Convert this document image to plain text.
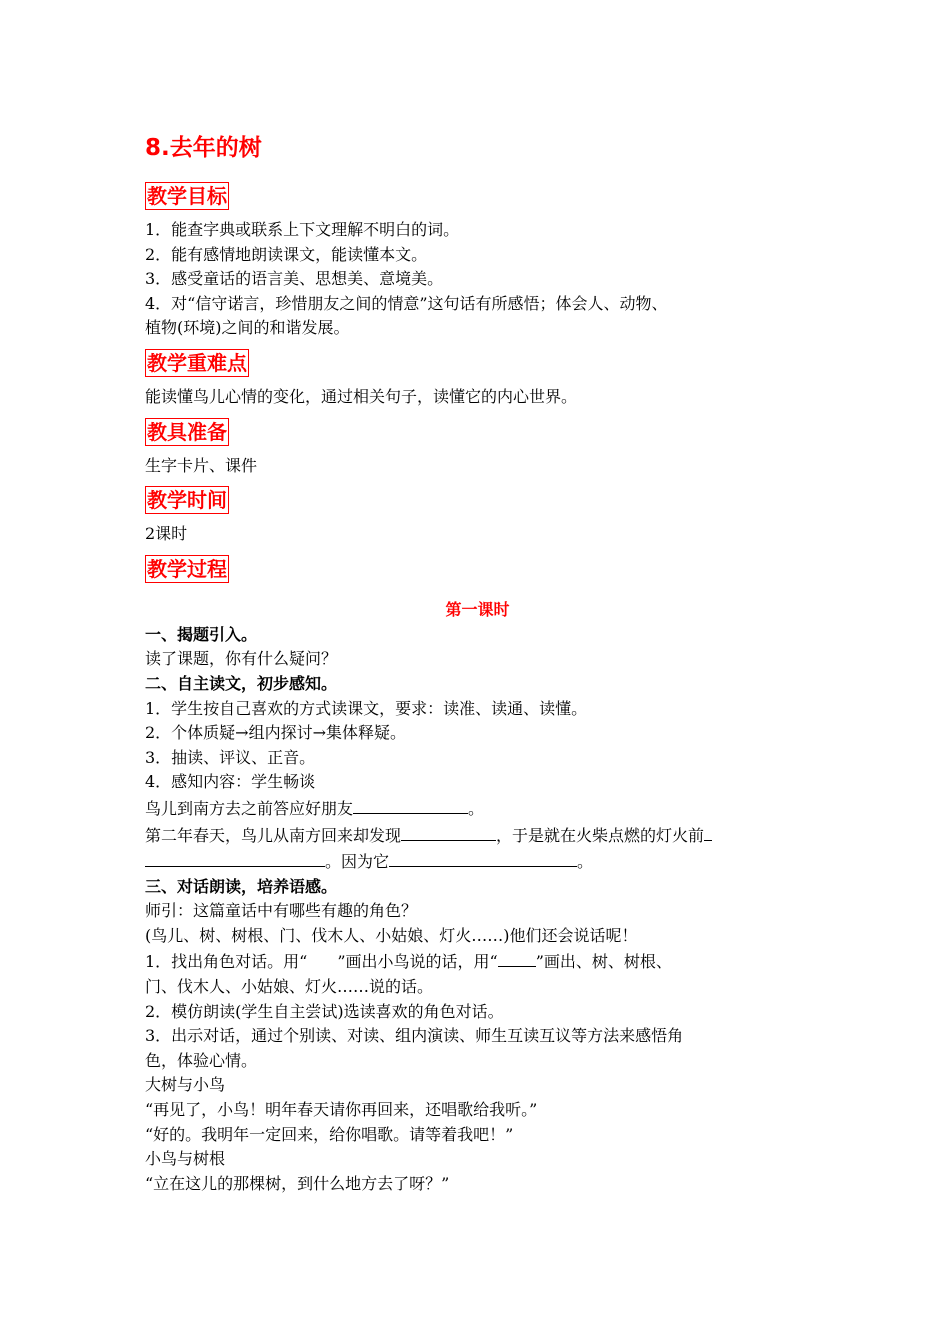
8.去年的树
教学目标
1．能查字典或联系上下文理解不明白的词。
2．能有感情地朗读课文，能读懂本文。
3．感受童话的语言美、思想美、意境美。
4．对“信守诺言，珍惜朋友之间的情意”这句话有所感悟；体会人、动物、
植物(环境)之间的和谐发展。
教学重难点
能读懂鸟儿心情的变化，通过相关句子，读懂它的内心世界。
教具准备
生字卡片、课件
教学时间
2课时
教学过程
第一课时
一、揭题引入。
读了课题，你有什么疑问？
二、自主读文，初步感知。
1．学生按自己喜欢的方式读课文，要求：读准、读通、读懂。
2．个体质疑→组内探讨→集体释疑。
3．抽读、评议、正音。
4．感知内容：学生畅谈
鸟儿到南方去之前答应好朋友	。
第二年春天，鸟儿从南方回来却发现	，于是就在火柴点燃的灯火前
。因为它	。
三、对话朗读，培养语感。
师引：这篇童话中有哪些有趣的角色？
(鸟儿、树、树根、门、伐木人、小姑娘、灯火……)他们还会说话呢！
1．找出角色对话。用“ ”画出小鸟说的话，用“ ”画出、树、树根、
门、伐木人、小姑娘、灯火……说的话。
2．模仿朗读(学生自主尝试)选读喜欢的角色对话。
3．出示对话，通过个别读、对读、组内演读、师生互读互议等方法来感悟角
色，体验心情。
大树与小鸟
“再见了，小鸟！明年春天请你再回来，还唱歌给我听。”
“好的。我明年一定回来，给你唱歌。请等着我吧！”
小鸟与树根
“立在这儿的那棵树，到什么地方去了呀？”
